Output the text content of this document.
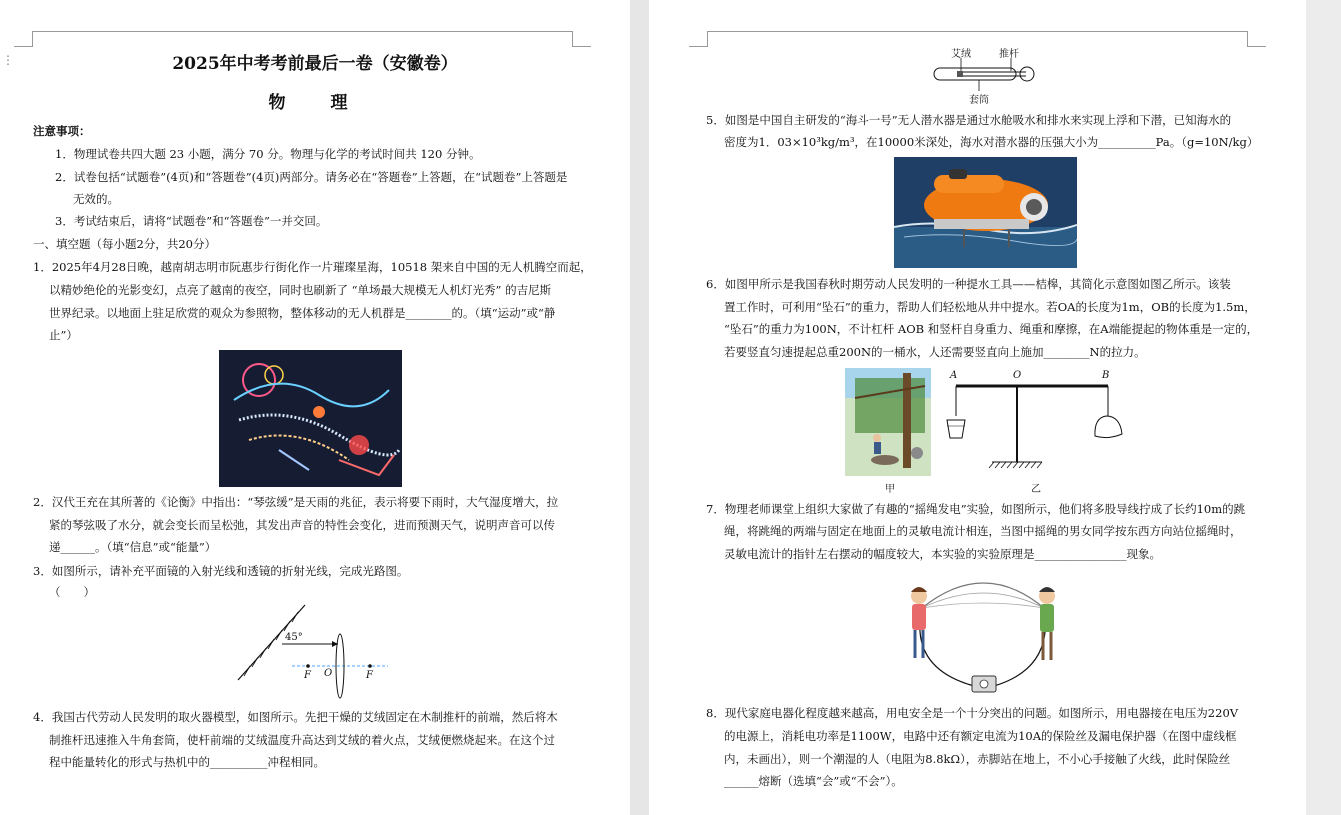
2025年中考考前最后一卷（安徽卷）
物　理
注意事项：
1．物理试卷共四大题 23 小题，满分 70 分。物理与化学的考试时间共 120 分钟。
2．试卷包括“试题卷”(4页)和“答题卷”(4页)两部分。请务必在“答题卷”上答题，在“试题卷”上答题是
无效的。
3．考试结束后，请将“试题卷”和“答题卷”一并交回。
一、填空题（每小题2分，共20分）
1．2025年4月28日晚，越南胡志明市阮惠步行街化作一片璀璨星海，10518 架来自中国的无人机腾空而起，
以精妙绝伦的光影变幻，点亮了越南的夜空，同时也刷新了 “单场最大规模无人机灯光秀” 的吉尼斯
世界纪录。以地面上驻足欣赏的观众为参照物，整体移动的无人机群是________的。（填“运动”或“静
止”）
2．汉代王充在其所著的《论衡》中指出：“琴弦缓”是天雨的兆征，表示将要下雨时，大气湿度增大，拉
紧的琴弦吸了水分，就会变长而呈松弛，其发出声音的特性会变化，进而预测天气，说明声音可以传
递______。（填“信息”或“能量”）
3．如图所示，请补充平面镜的入射光线和透镜的折射光线，完成光路图。
（　　）
45°
F O	F
4．我国古代劳动人民发明的取火器模型，如图所示。先把干燥的艾绒固定在木制推杆的前端，然后将木
制推杆迅速推入牛角套筒，使杆前端的艾绒温度升高达到艾绒的着火点，艾绒便燃烧起来。在这个过
程中能量转化的形式与热机中的__________冲程相同。
⋮	艾绒	推杆
套筒
5．如图是中国自主研发的“海斗一号”无人潜水器是通过水舱吸水和排水来实现上浮和下潜，已知海水的
密度为1．03×10³kg/m³，在10000米深处，海水对潜水器的压强大小为__________Pa。（g=10N/kg）
6．如图甲所示是我国春秋时期劳动人民发明的一种提水工具——桔槔，其简化示意图如图乙所示。该装
置工作时，可利用“坠石”的重力，帮助人们轻松地从井中提水。若OA的长度为1m，OB的长度为1.5m，
“坠石”的重力为100N，不计杠杆 AOB 和竖杆自身重力、绳重和摩擦，在A端能提起的物体重是一定的，
若要竖直匀速提起总重200N的一桶水，人还需要竖直向上施加________N的拉力。
甲
A	O	B
乙
7．物理老师课堂上组织大家做了有趣的“摇绳发电”实验，如图所示，他们将多股导线拧成了长约10m的跳
绳，将跳绳的两端与固定在地面上的灵敏电流计相连，当图中摇绳的男女同学按东西方向站位摇绳时，
灵敏电流计的指针左右摆动的幅度较大，本实验的实验原理是________________现象。
8．现代家庭电器化程度越来越高，用电安全是一个十分突出的问题。如图所示，用电器接在电压为220V
的电源上，消耗电功率是1100W，电路中还有额定电流为10A的保险丝及漏电保护器（在图中虚线框
内，未画出），则一个潮湿的人（电阻为8.8kΩ），赤脚站在地上，不小心手接触了火线，此时保险丝
______熔断（选填“会”或“不会”）。
